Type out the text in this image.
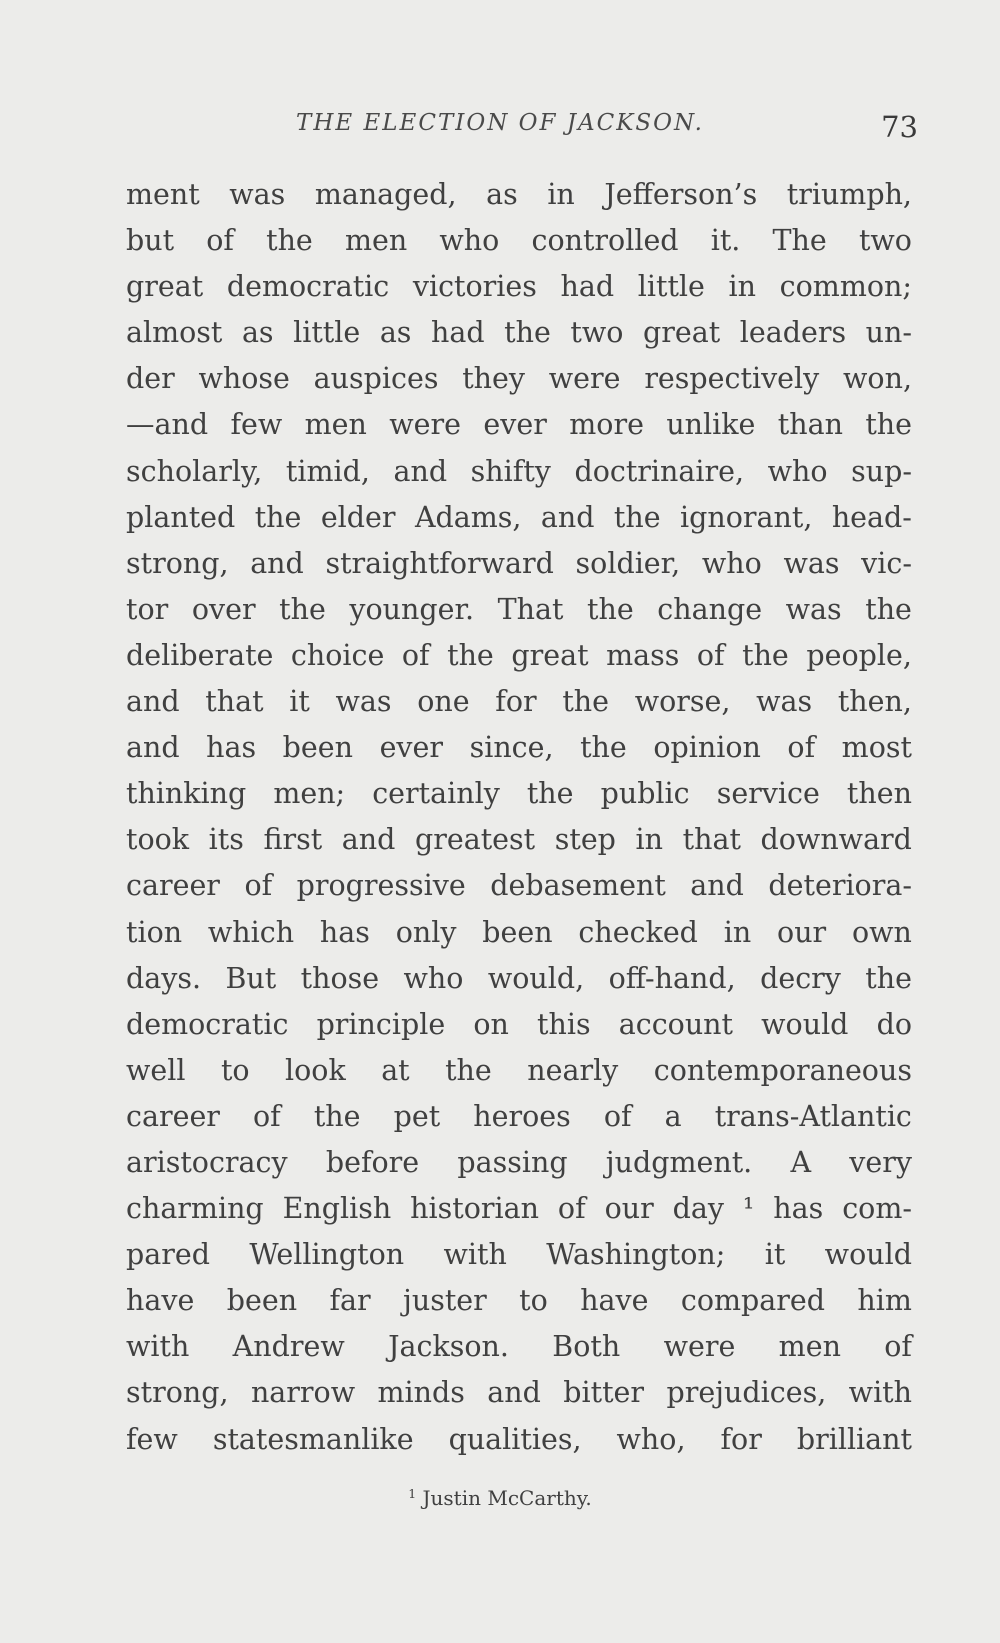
THE ELECTION OF JACKSON.	73
ment was managed, as in Jefferson’s triumph,
but of the men who controlled it. The two
great democratic victories had little in common;
almost as little as had the two great leaders un-
der whose auspices they were respectively won,
—and few men were ever more unlike than the
scholarly, timid, and shifty doctrinaire, who sup-
planted the elder Adams, and the ignorant, head-
strong, and straightforward soldier, who was vic-
tor over the younger. That the change was the
deliberate choice of the great mass of the people,
and that it was one for the worse, was then,
and has been ever since, the opinion of most
thinking men; certainly the public service then
took its first and greatest step in that downward
career of progressive debasement and deteriora-
tion which has only been checked in our own
days. But those who would, off-hand, decry the
democratic principle on this account would do
well to look at the nearly contemporaneous
career of the pet heroes of a trans-Atlantic
aristocracy before passing judgment. A very
charming English historian of our day ¹ has com-
pared Wellington with Washington; it would
have been far juster to have compared him
with Andrew Jackson. Both were men of
strong, narrow minds and bitter prejudices, with
few statesmanlike qualities, who, for brilliant
$^1$ Justin McCarthy.
